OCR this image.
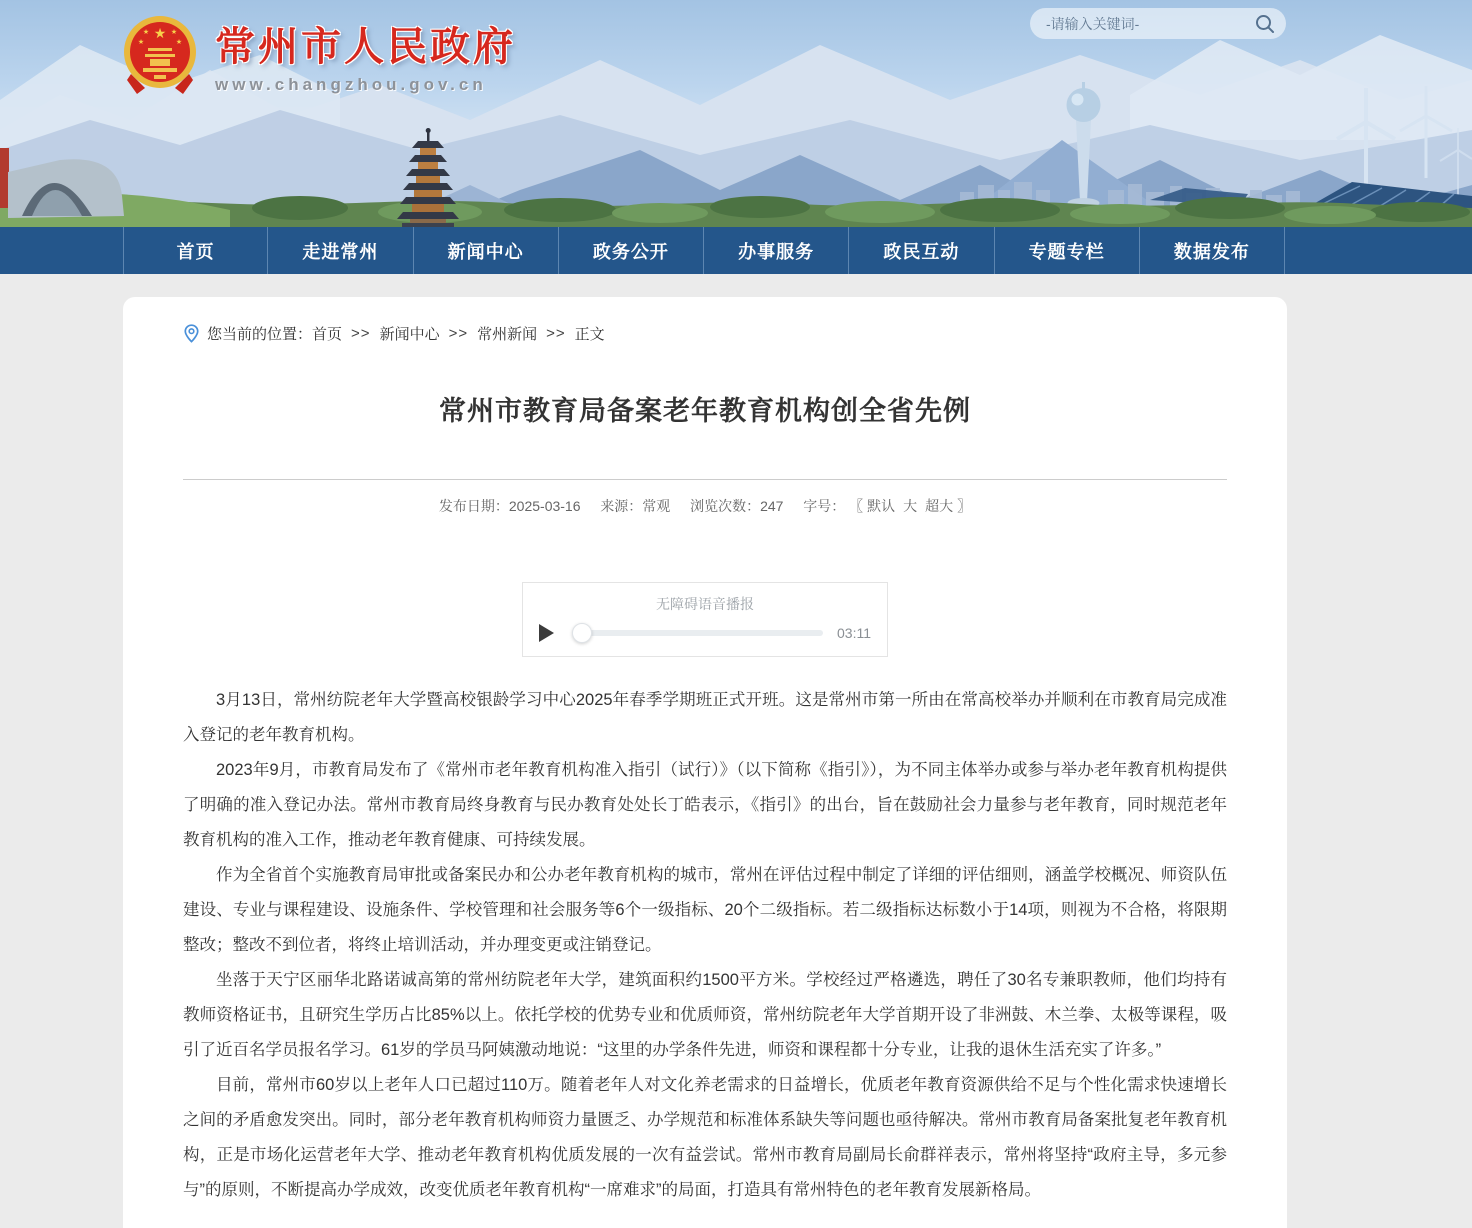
★
★	★
★	★ 常州市人民政府
www.changzhou.gov.cn
-请输入关键词-
首页	走进常州	新闻中心	政务公开	办事服务	政民互动	专题专栏	数据发布
您当前的位置： 首页 >> 新闻中心 >> 常州新闻 >> 正文
常州市教育局备案老年教育机构创全省先例
发布日期：2025-03-16 来源：常观 浏览次数：247 字号： 〖 默认 大 超大 〗
无障碍语音播报
03:11

3月13日，常州纺院老年大学暨高校银龄学习中心2025年春季学期班正式开班。这是常州市第一所由在常高校举办并顺利在市教育局完成准入登记的老年教育机构。

2023年9月，市教育局发布了《常州市老年教育机构准入指引（试行）》（以下简称《指引》），为不同主体举办或参与举办老年教育机构提供了明确的准入登记办法。常州市教育局终身教育与民办教育处处长丁皓表示，《指引》的出台，旨在鼓励社会力量参与老年教育，同时规范老年教育机构的准入工作，推动老年教育健康、可持续发展。

作为全省首个实施教育局审批或备案民办和公办老年教育机构的城市，常州在评估过程中制定了详细的评估细则，涵盖学校概况、师资队伍建设、专业与课程建设、设施条件、学校管理和社会服务等6个一级指标、20个二级指标。若二级指标达标数小于14项，则视为不合格，将限期整改；整改不到位者，将终止培训活动，并办理变更或注销登记。

坐落于天宁区丽华北路诺诚高第的常州纺院老年大学，建筑面积约1500平方米。学校经过严格遴选，聘任了30名专兼职教师，他们均持有教师资格证书，且研究生学历占比85%以上。依托学校的优势专业和优质师资，常州纺院老年大学首期开设了非洲鼓、木兰拳、太极等课程，吸引了近百名学员报名学习。61岁的学员马阿姨激动地说：“这里的办学条件先进，师资和课程都十分专业，让我的退休生活充实了许多。”

目前，常州市60岁以上老年人口已超过110万。随着老年人对文化养老需求的日益增长，优质老年教育资源供给不足与个性化需求快速增长之间的矛盾愈发突出。同时，部分老年教育机构师资力量匮乏、办学规范和标准体系缺失等问题也亟待解决。常州市教育局备案批复老年教育机构，正是市场化运营老年大学、推动老年教育机构优质发展的一次有益尝试。常州市教育局副局长俞群祥表示，常州将坚持“政府主导，多元参与”的原则，不断提高办学成效，改变优质老年教育机构“一席难求”的局面，打造具有常州特色的老年教育发展新格局。
